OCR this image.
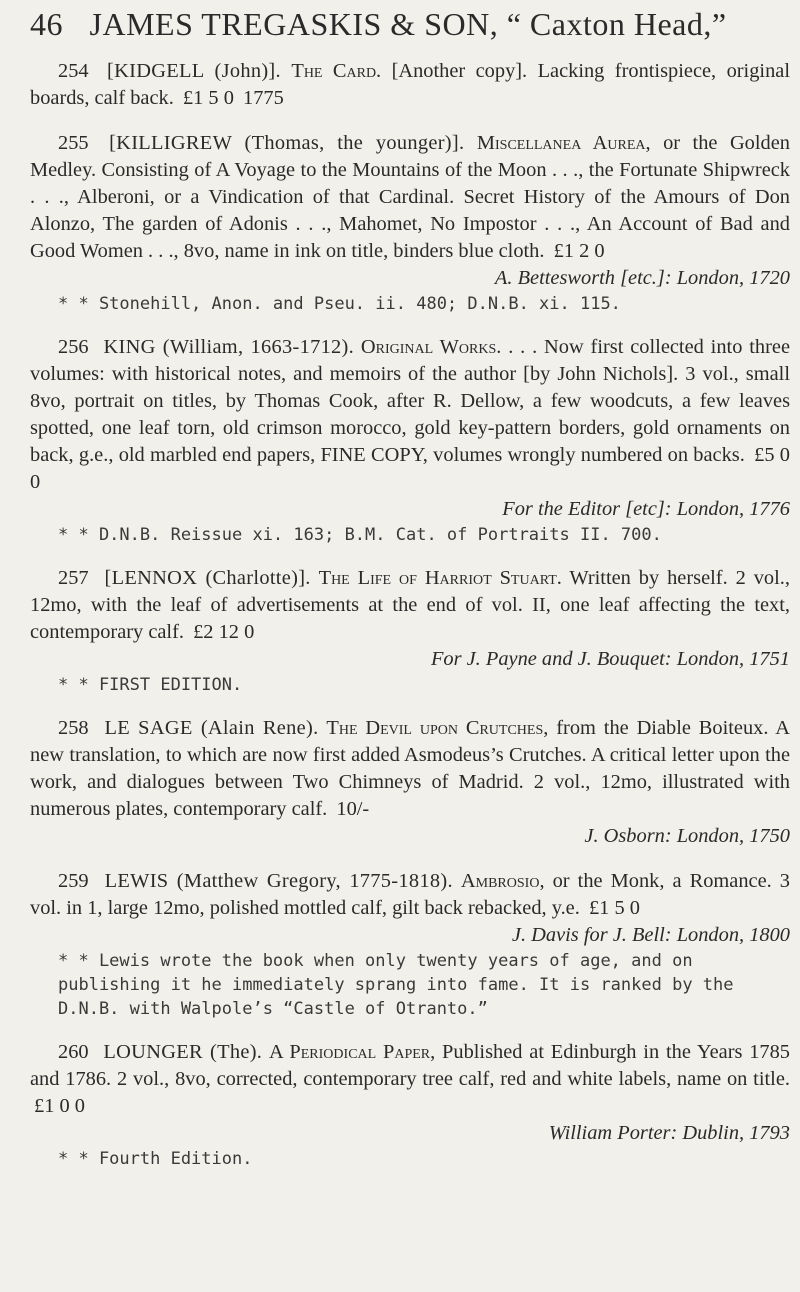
46 JAMES TREGASKIS & SON, “ Caxton Head,”

254 [KIDGELL (John)]. The Card. [Another copy]. Lacking frontispiece, original boards, calf back. £1 5 0 1775

255 [KILLIGREW (Thomas, the younger)]. Miscellanea Aurea, or the Golden Medley. Consisting of A Voyage to the Mountains of the Moon . . ., the Fortunate Shipwreck . . ., Alberoni, or a Vindication of that Cardinal. Secret History of the Amours of Don Alonzo, The garden of Adonis . . ., Mahomet, No Impostor . . ., An Account of Bad and Good Women . . ., 8vo, name in ink on title, binders blue cloth. £1 2 0

A. Bettesworth [etc.]: London, 1720

* * Stonehill, Anon. and Pseu. ii. 480; D.N.B. xi. 115.

256 KING (William, 1663-1712). Original Works. . . . Now first collected into three volumes: with historical notes, and memoirs of the author [by John Nichols]. 3 vol., small 8vo, portrait on titles, by Thomas Cook, after R. Dellow, a few woodcuts, a few leaves spotted, one leaf torn, old crimson morocco, gold key-pattern borders, gold ornaments on back, g.e., old marbled end papers, FINE COPY, volumes wrongly numbered on backs. £5 0 0

For the Editor [etc]: London, 1776

* * D.N.B. Reissue xi. 163; B.M. Cat. of Portraits II. 700.

257 [LENNOX (Charlotte)]. The Life of Harriot Stuart. Written by herself. 2 vol., 12mo, with the leaf of advertisements at the end of vol. II, one leaf affecting the text, contemporary calf. £2 12 0

For J. Payne and J. Bouquet: London, 1751

* * FIRST EDITION.

258 LE SAGE (Alain Rene). The Devil upon Crutches, from the Diable Boiteux. A new translation, to which are now first added Asmodeus’s Crutches. A critical letter upon the work, and dialogues between Two Chimneys of Madrid. 2 vol., 12mo, illustrated with numerous plates, contemporary calf. 10/-

J. Osborn: London, 1750

259 LEWIS (Matthew Gregory, 1775-1818). Ambrosio, or the Monk, a Romance. 3 vol. in 1, large 12mo, polished mottled calf, gilt back rebacked, y.e. £1 5 0

J. Davis for J. Bell: London, 1800

* * Lewis wrote the book when only twenty years of age, and on publishing it he immediately sprang into fame. It is ranked by the D.N.B. with Walpole’s “Castle of Otranto.”

260 LOUNGER (The). A Periodical Paper, Published at Edinburgh in the Years 1785 and 1786. 2 vol., 8vo, corrected, contemporary tree calf, red and white labels, name on title. £1 0 0

William Porter: Dublin, 1793

* * Fourth Edition.
